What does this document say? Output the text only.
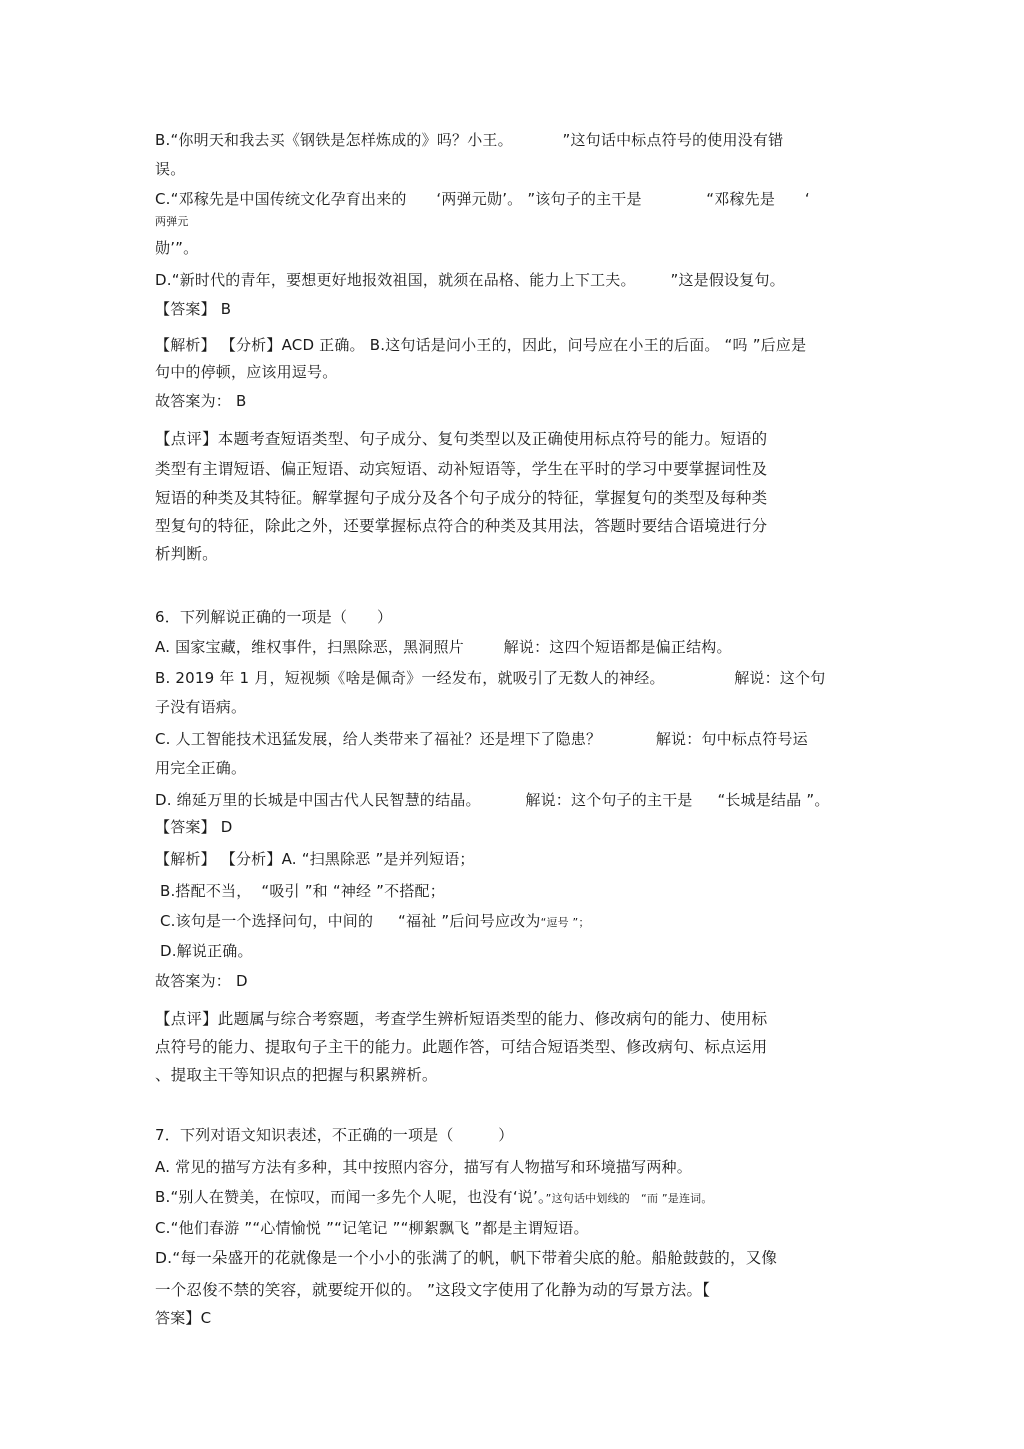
B.“你明天和我去买《钢铁是怎样炼成的》吗？小王。          ”这句话中标点符号的使用没有错
误。
C.“邓稼先是中国传统文化孕育出来的      ‘两弹元勋’。 ”该句子的主干是             “邓稼先是      ‘
两弹元
勋’”。
D.“新时代的青年，要想更好地报效祖国，就须在品格、能力上下工夫。       ”这是假设复句。
【答案】 B
【解析】 【分析】ACD 正确。 B.这句话是问小王的，因此，问号应在小王的后面。 “吗 ”后应是
句中的停顿，应该用逗号。
故答案为： B
【点评】本题考查短语类型、句子成分、复句类型以及正确使用标点符号的能力。短语的
类型有主谓短语、偏正短语、动宾短语、动补短语等，学生在平时的学习中要掌握词性及
短语的种类及其特征。解掌握句子成分及各个句子成分的特征，掌握复句的类型及每种类
型复句的特征，除此之外，还要掌握标点符合的种类及其用法，答题时要结合语境进行分
析判断。
6．下列解说正确的一项是（      ）
A. 国家宝藏，维权事件，扫黑除恶，黑洞照片        解说：这四个短语都是偏正结构。
B. 2019 年 1 月，短视频《啥是佩奇》一经发布，就吸引了无数人的神经。              解说：这个句
子没有语病。
C. 人工智能技术迅猛发展，给人类带来了福祉？还是埋下了隐患？           解说：句中标点符号运
用完全正确。
D. 绵延万里的长城是中国古代人民智慧的结晶。         解说：这个句子的主干是     “长城是结晶 ”。
【答案】 D
【解析】 【分析】A. “扫黑除恶 ”是并列短语；
B.搭配不当，  “吸引 ”和 “神经 ”不搭配；
C.该句是一个选择问句，中间的     “福祉 ”后问号应改为“逗号 ”；
D.解说正确。
故答案为： D
【点评】此题属与综合考察题，考查学生辨析短语类型的能力、修改病句的能力、使用标
点符号的能力、提取句子主干的能力。此题作答，可结合短语类型、修改病句、标点运用
、提取主干等知识点的把握与积累辨析。
7．下列对语文知识表述，不正确的一项是（         ）
A. 常见的描写方法有多种，其中按照内容分，描写有人物描写和环境描写两种。
B.“别人在赞美，在惊叹，而闻一多先个人呢，也没有‘说’。”这句话中划线的   “而 ”是连词。
C.“他们春游 ”“心情愉悦 ”“记笔记 ”“柳絮飘飞 ”都是主谓短语。
D.“每一朵盛开的花就像是一个小小的张满了的帆，帆下带着尖底的舱。船舱鼓鼓的，又像
一个忍俊不禁的笑容，就要绽开似的。 ”这段文字使用了化静为动的写景方法。【
答案】C
